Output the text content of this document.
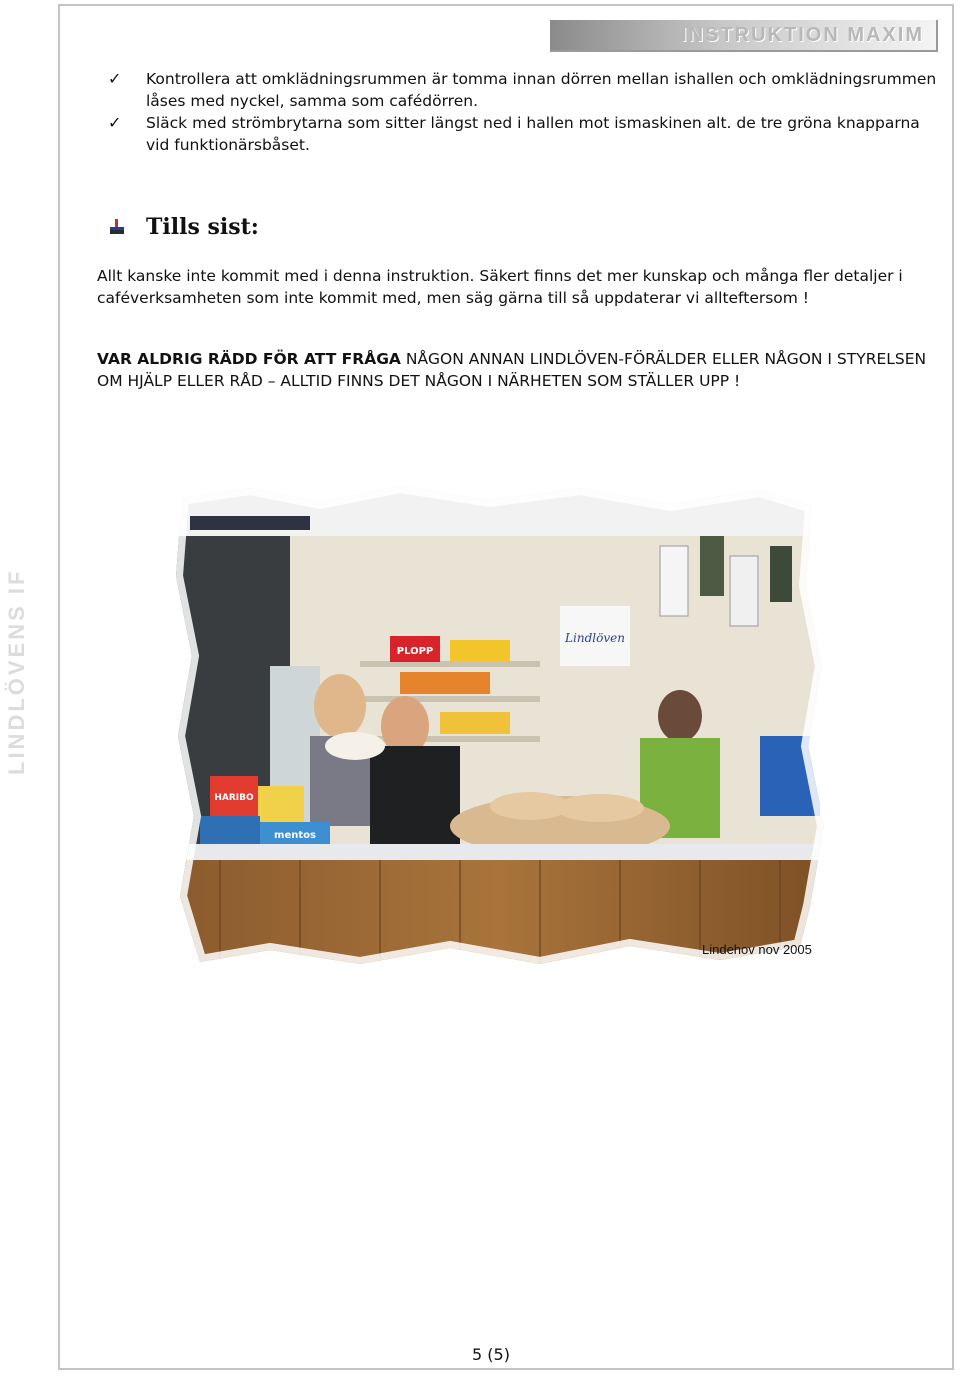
LINDLÖVENS IF
INSTRUKTION MAXIM
✓ Kontrollera att omklädningsrummen är tomma innan dörren mellan ishallen och omklädningsrummen låses med nyckel, samma som cafédörren.
✓ Släck med strömbrytarna som sitter längst ned i hallen mot ismaskinen alt. de tre gröna knapparna vid funktionärsbåset.
Tills sist:

Allt kanske inte kommit med i denna instruktion. Säkert finns det mer kunskap och många fler detaljer i caféverksamheten som inte kommit med, men säg gärna till så uppdaterar vi allteftersom !

VAR ALDRIG RÄDD FÖR ATT FRÅGA NÅGON ANNAN LINDLÖVEN-FÖRÄLDER ELLER NÅGON I STYRELSEN OM HJÄLP ELLER RÅD – ALLTID FINNS DET NÅGON I NÄRHETEN SOM STÄLLER UPP !

Lindlöven
PLOPP
HARIBO
mentos
Lindehov nov 2005
5 (5)
